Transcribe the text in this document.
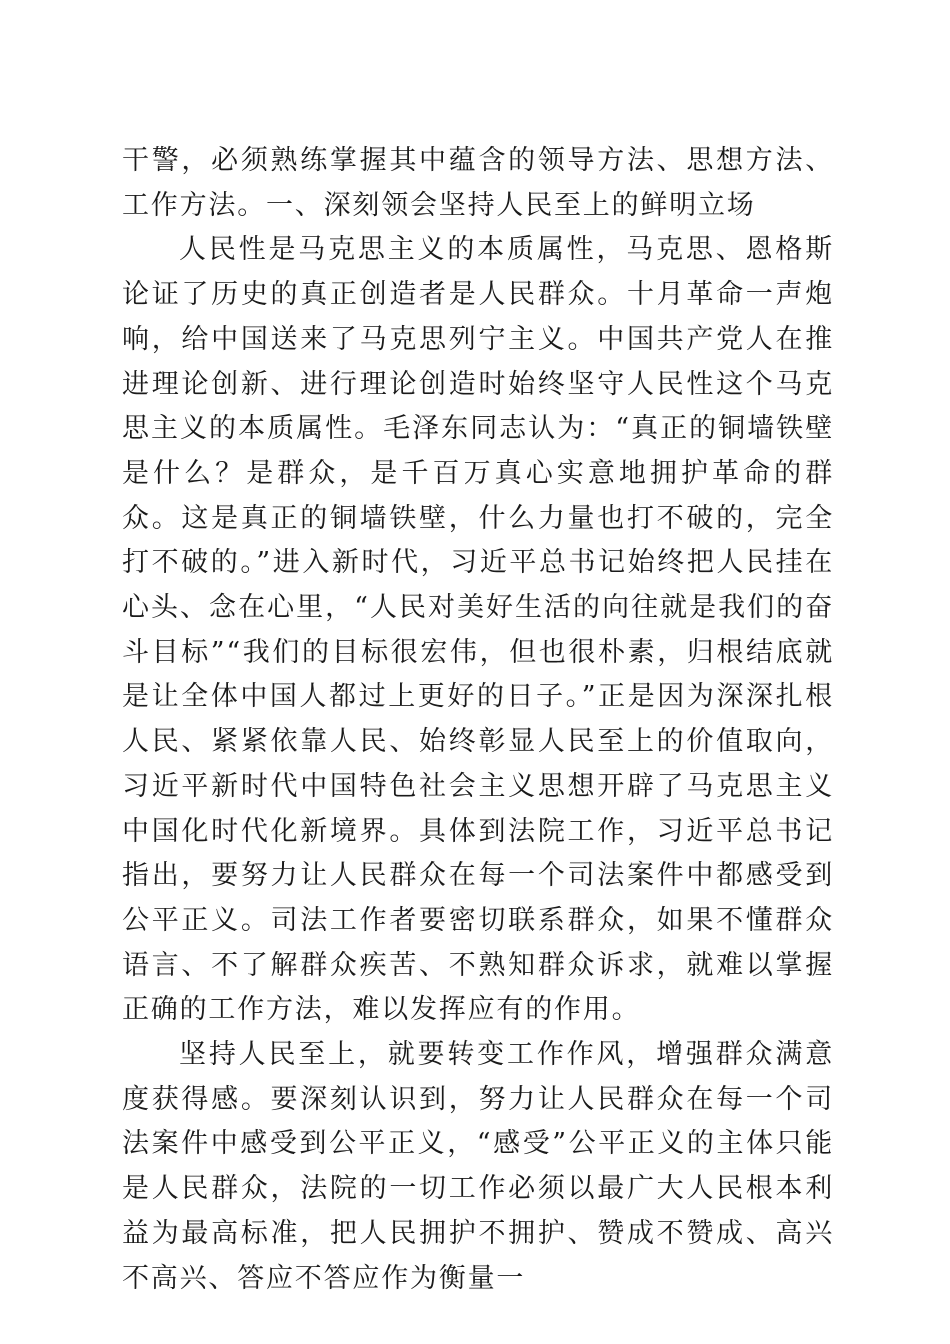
干警，必须熟练掌握其中蕴含的领导方法、思想方法、工作方法。一、深刻领会坚持人民至上的鲜明立场

人民性是马克思主义的本质属性，马克思、恩格斯论证了历史的真正创造者是人民群众。十月革命一声炮响，给中国送来了马克思列宁主义。中国共产党人在推进理论创新、进行理论创造时始终坚守人民性这个马克思主义的本质属性。毛泽东同志认为：“真正的铜墙铁壁是什么？是群众，是千百万真心实意地拥护革命的群众。这是真正的铜墙铁壁，什么力量也打不破的，完全打不破的。”进入新时代，习近平总书记始终把人民挂在心头、念在心里，“人民对美好生活的向往就是我们的奋斗目标”“我们的目标很宏伟，但也很朴素，归根结底就是让全体中国人都过上更好的日子。”正是因为深深扎根人民、紧紧依靠人民、始终彰显人民至上的价值取向，习近平新时代中国特色社会主义思想开辟了马克思主义中国化时代化新境界。具体到法院工作，习近平总书记指出，要努力让人民群众在每一个司法案件中都感受到公平正义。司法工作者要密切联系群众，如果不懂群众语言、不了解群众疾苦、不熟知群众诉求，就难以掌握正确的工作方法，难以发挥应有的作用。

坚持人民至上，就要转变工作作风，增强群众满意度获得感。要深刻认识到，努力让人民群众在每一个司法案件中感受到公平正义，“感受”公平正义的主体只能是人民群众，法院的一切工作必须以最广大人民根本利益为最高标准，把人民拥护不拥护、赞成不赞成、高兴不高兴、答应不答应作为衡量一
